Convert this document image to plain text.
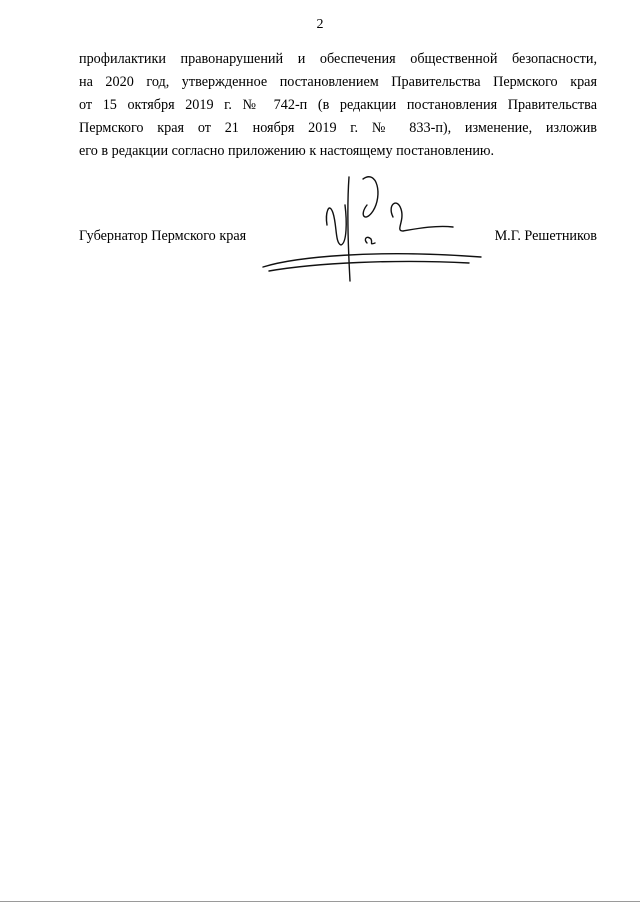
2
профилактики правонарушений и обеспечения общественной безопасности,
на 2020 год, утвержденное постановлением Правительства Пермского края
от 15 октября 2019 г. № 742-п (в редакции постановления Правительства
Пермского края от 21 ноября 2019 г. № 833-п), изменение, изложив
его в редакции согласно приложению к настоящему постановлению.
Губернатор Пермского края	М.Г. Решетников
